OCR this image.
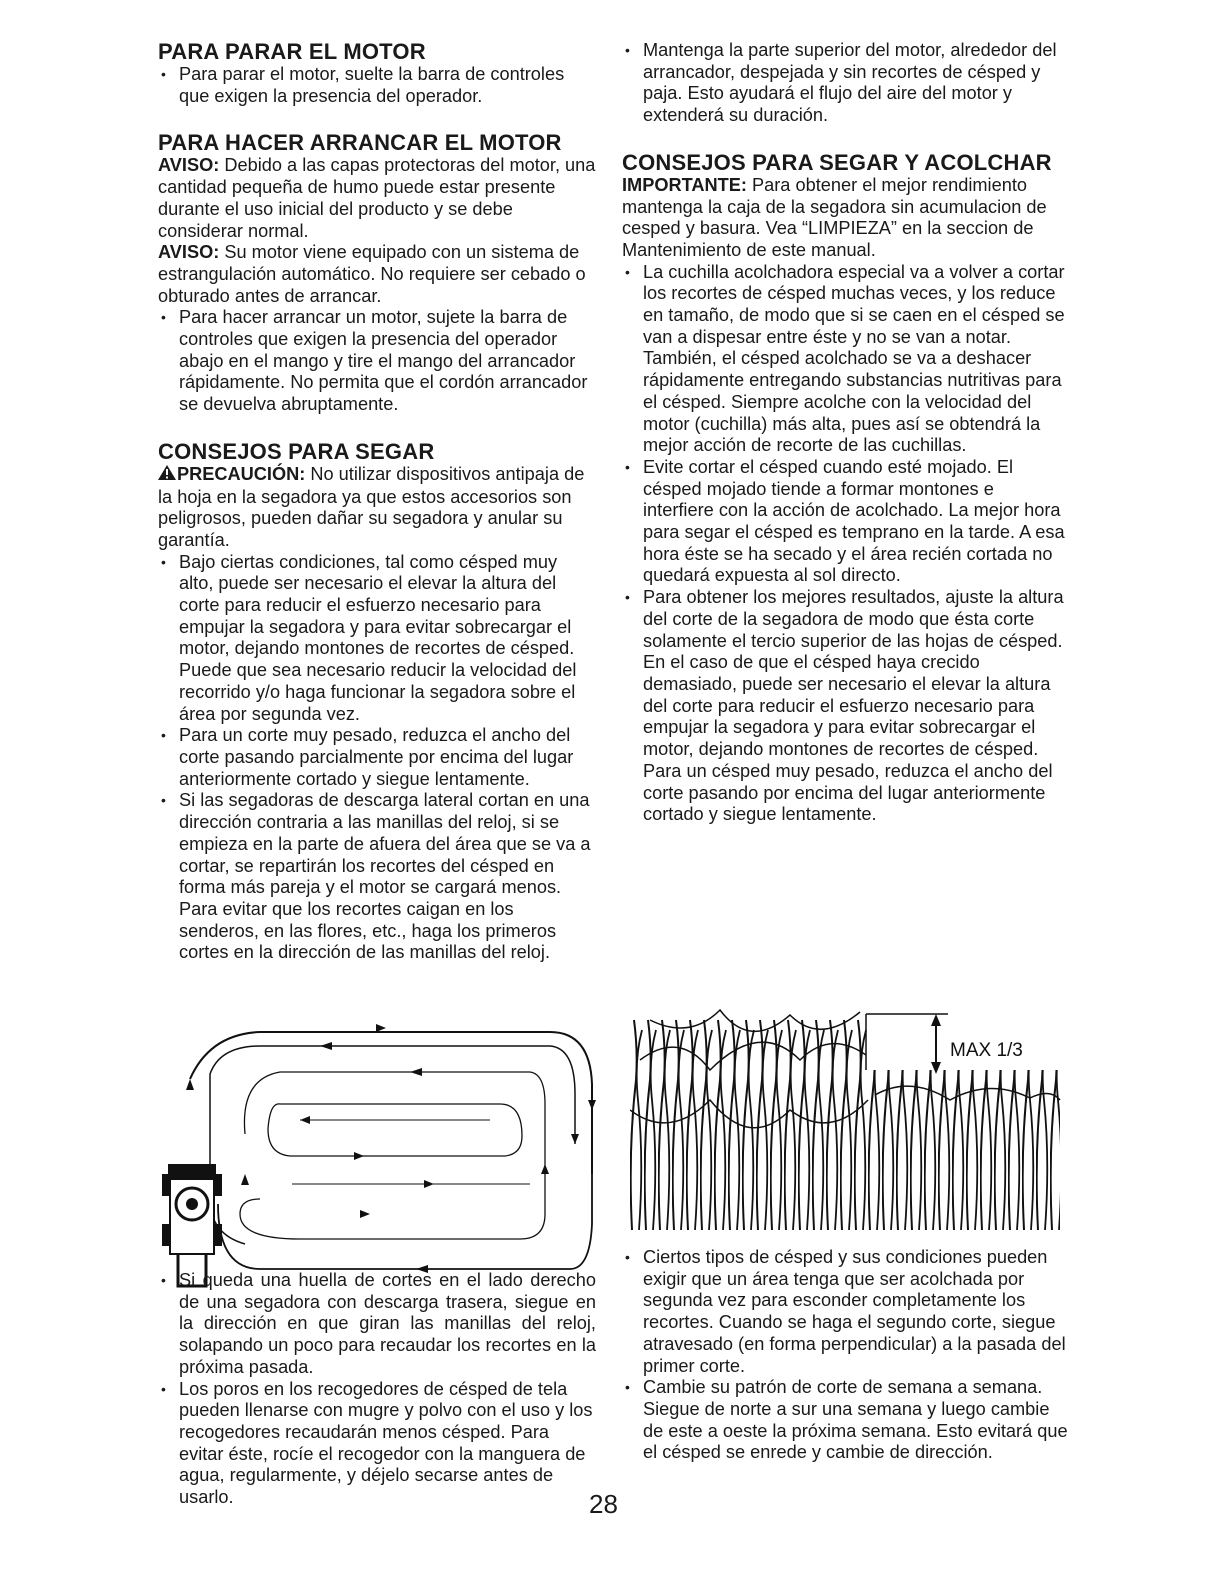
PARA PARAR EL MOTOR
• Para parar el motor, suelte la barra de controles que exigen la presencia del operador.
PARA HACER ARRANCAR EL MOTOR

AVISO: Debido a las capas protectoras del motor, una cantidad pequeña de humo puede estar presente durante el uso inicial del producto y se debe considerar normal.

AVISO: Su motor viene equipado con un sistema de estrangulación automático. No requiere ser cebado o obturado antes de arrancar.

• Para hacer arrancar un motor, sujete la barra de controles que exigen la presencia del operador abajo en el mango y tire el mango del arrancador rápidamente. No permita que el cordón arrancador se devuelva abruptamente.
CONSEJOS PARA SEGAR

PRECAUCIÓN: No utilizar dispositivos antipaja de la hoja en la segadora ya que estos accesorios son peligrosos, pueden dañar su segadora y anular su garantía.

• Bajo ciertas condiciones, tal como césped muy alto, puede ser necesario el elevar la altura del corte para reducir el esfuerzo necesario para empujar la segadora y para evitar sobrecargar el motor, dejando montones de recortes de césped. Puede que sea necesario reducir la velocidad del recorrido y/o haga funcionar la segadora sobre el área por segunda vez.
• Para un corte muy pesado, reduzca el ancho del corte pasando parcialmente por encima del lugar anteriormente cortado y siegue lentamente.
• Si las segadoras de descarga lateral cortan en una dirección contraria a las manillas del reloj, si se empieza en la parte de afuera del área que se va a cortar, se repartirán los recortes del césped en forma más pareja y el motor se cargará menos. Para evitar que los recortes caigan en los senderos, en las flores, etc., haga los primeros cortes en la dirección de las manillas del reloj.
• Si queda una huella de cortes en el lado derecho de una segadora con descarga trasera, siegue en la dirección en que giran las manillas del reloj, solapando un poco para recaudar los recortes en la próxima pasada.
• Los poros en los recogedores de césped de tela pueden llenarse con mugre y polvo con el uso y los recogedores recaudarán menos césped. Para evitar éste, rocíe el recogedor con la manguera de agua, regularmente, y déjelo secarse antes de usarlo.
• Mantenga la parte superior del motor, alrededor del arrancador, despejada y sin recortes de césped y paja. Esto ayudará el flujo del aire del motor y extenderá su duración.
CONSEJOS PARA SEGAR Y ACOLCHAR

IMPORTANTE: Para obtener el mejor rendimiento mantenga la caja de la segadora sin acumulacion de cesped y basura. Vea “LIMPIEZA” en la seccion de Mantenimiento de este manual.

• La cuchilla acolchadora especial va a volver a cortar los recortes de césped muchas veces, y los reduce en tamaño, de modo que si se caen en el césped se van a dispesar entre éste y no se van a notar. También, el césped acolchado se va a deshacer rápidamente entregando substancias nutritivas para el césped. Siempre acolche con la velocidad del motor (cuchilla) más alta, pues así se obtendrá la mejor acción de recorte de las cuchillas.
• Evite cortar el césped cuando esté mojado. El césped mojado tiende a formar montones e interfiere con la acción de acolchado. La mejor hora para segar el césped es temprano en la tarde. A esa hora éste se ha secado y el área recién cortada no quedará expuesta al sol directo.
• Para obtener los mejores resultados, ajuste la altura del corte de la segadora de modo que ésta corte solamente el tercio superior de las hojas de césped. En el caso de que el césped haya crecido demasiado, puede ser necesario el elevar la altura del corte para reducir el esfuerzo necesario para empujar la segadora y para evitar sobrecargar el motor, dejando montones de recortes de césped. Para un césped muy pesado, reduzca el ancho del corte pasando por encima del lugar anteriormente cortado y siegue lentamente.
MAX 1/3
• Ciertos tipos de césped y sus condiciones pueden exigir que un área tenga que ser acolchada por segunda vez para esconder completamente los recortes. Cuando se haga el segundo corte, siegue atravesado (en forma perpendicular) a la pasada del primer corte.
• Cambie su patrón de corte de semana a semana. Siegue de norte a sur una semana y luego cambie de este a oeste la próxima semana. Esto evitará que el césped se enrede y cambie de dirección.
28
